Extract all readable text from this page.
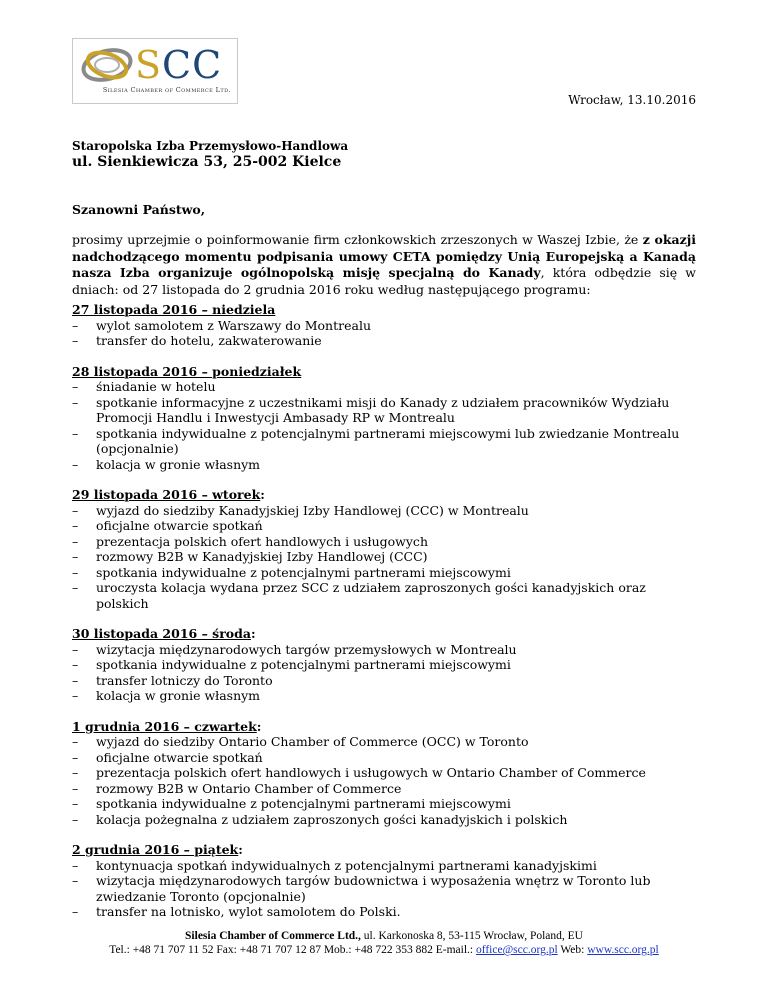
SCC
Silesia Chamber of Commerce Ltd.
Wrocław, 13.10.2016
Staropolska Izba Przemysłowo-Handlowa
ul. Sienkiewicza 53, 25-002 Kielce
Szanowni Państwo,
prosimy uprzejmie o poinformowanie firm członkowskich zrzeszonych w Waszej Izbie, że z okazji nadchodzącego momentu podpisania umowy CETA pomiędzy Unią Europejską a Kanadą nasza Izba organizuje ogólnopolską misję specjalną do Kanady, która odbędzie się w dniach: od 27 listopada do 2 grudnia 2016 roku według następującego programu:
27 listopada 2016 – niedziela
– wylot samolotem z Warszawy do Montrealu
– transfer do hotelu, zakwaterowanie
28 listopada 2016 – poniedziałek
– śniadanie w hotelu
– spotkanie informacyjne z uczestnikami misji do Kanady z udziałem pracowników Wydziału Promocji Handlu i Inwestycji Ambasady RP w Montrealu
– spotkania indywidualne z potencjalnymi partnerami miejscowymi lub zwiedzanie Montrealu (opcjonalnie)
– kolacja w gronie własnym
29 listopada 2016 – wtorek:
– wyjazd do siedziby Kanadyjskiej Izby Handlowej (CCC) w Montrealu
– oficjalne otwarcie spotkań
– prezentacja polskich ofert handlowych i usługowych
– rozmowy B2B w Kanadyjskiej Izby Handlowej (CCC)
– spotkania indywidualne z potencjalnymi partnerami miejscowymi
– uroczysta kolacja wydana przez SCC z udziałem zaproszonych gości kanadyjskich oraz polskich
30 listopada 2016 – środa:
– wizytacja międzynarodowych targów przemysłowych w Montrealu
– spotkania indywidualne z potencjalnymi partnerami miejscowymi
– transfer lotniczy do Toronto
– kolacja w gronie własnym
1 grudnia 2016 – czwartek:
– wyjazd do siedziby Ontario Chamber of Commerce (OCC) w Toronto
– oficjalne otwarcie spotkań
– prezentacja polskich ofert handlowych i usługowych w Ontario Chamber of Commerce
– rozmowy B2B w Ontario Chamber of Commerce
– spotkania indywidualne z potencjalnymi partnerami miejscowymi
– kolacja pożegnalna z udziałem zaproszonych gości kanadyjskich i polskich
2 grudnia 2016 – piątek:
– kontynuacja spotkań indywidualnych z potencjalnymi partnerami kanadyjskimi
– wizytacja międzynarodowych targów budownictwa i wyposażenia wnętrz w Toronto lub zwiedzanie Toronto (opcjonalnie)
– transfer na lotnisko, wylot samolotem do Polski.
Silesia Chamber of Commerce Ltd., ul. Karkonoska 8, 53-115 Wrocław, Poland, EU
Tel.: +48 71 707 11 52 Fax: +48 71 707 12 87 Mob.: +48 722 353 882 E-mail.: office@scc.org.pl Web: www.scc.org.pl
